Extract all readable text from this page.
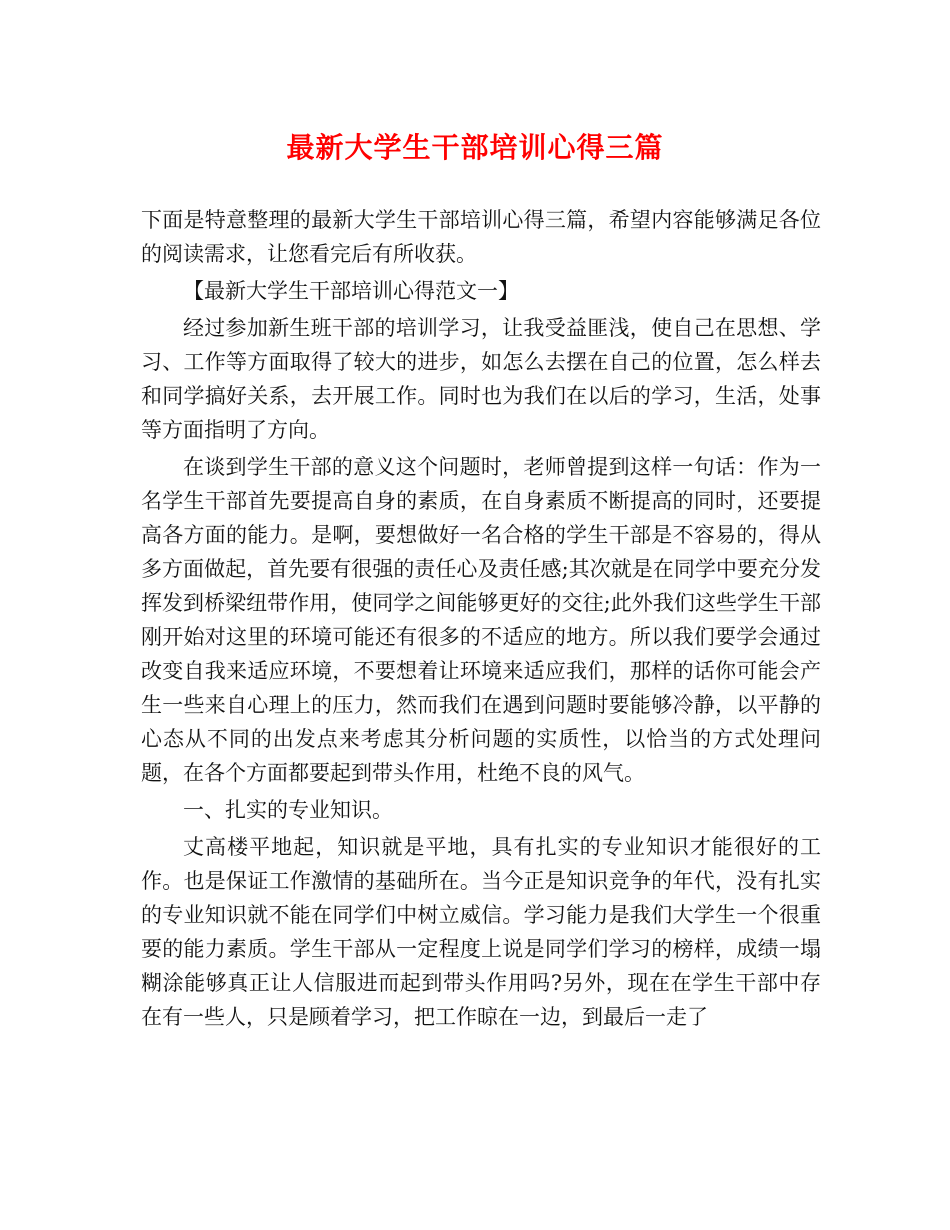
最新大学生干部培训心得三篇

下面是特意整理的最新大学生干部培训心得三篇，希望内容能够满足各位的阅读需求，让您看完后有所收获。

【最新大学生干部培训心得范文一】

经过参加新生班干部的培训学习，让我受益匪浅，使自己在思想、学习、工作等方面取得了较大的进步，如怎么去摆在自己的位置，怎么样去和同学搞好关系，去开展工作。同时也为我们在以后的学习，生活，处事等方面指明了方向。

在谈到学生干部的意义这个问题时，老师曾提到这样一句话：作为一名学生干部首先要提高自身的素质，在自身素质不断提高的同时，还要提高各方面的能力。是啊，要想做好一名合格的学生干部是不容易的，得从多方面做起，首先要有很强的责任心及责任感;其次就是在同学中要充分发挥发到桥梁纽带作用，使同学之间能够更好的交往;此外我们这些学生干部刚开始对这里的环境可能还有很多的不适应的地方。所以我们要学会通过改变自我来适应环境，不要想着让环境来适应我们，那样的话你可能会产生一些来自心理上的压力，然而我们在遇到问题时要能够冷静，以平静的心态从不同的出发点来考虑其分析问题的实质性，以恰当的方式处理问题，在各个方面都要起到带头作用，杜绝不良的风气。

一、扎实的专业知识。

丈高楼平地起，知识就是平地，具有扎实的专业知识才能很好的工作。也是保证工作激情的基础所在。当今正是知识竞争的年代，没有扎实的专业知识就不能在同学们中树立威信。学习能力是我们大学生一个很重要的能力素质。学生干部从一定程度上说是同学们学习的榜样，成绩一塌糊涂能够真正让人信服进而起到带头作用吗?另外，现在在学生干部中存在有一些人，只是顾着学习，把工作晾在一边，到最后一走了
